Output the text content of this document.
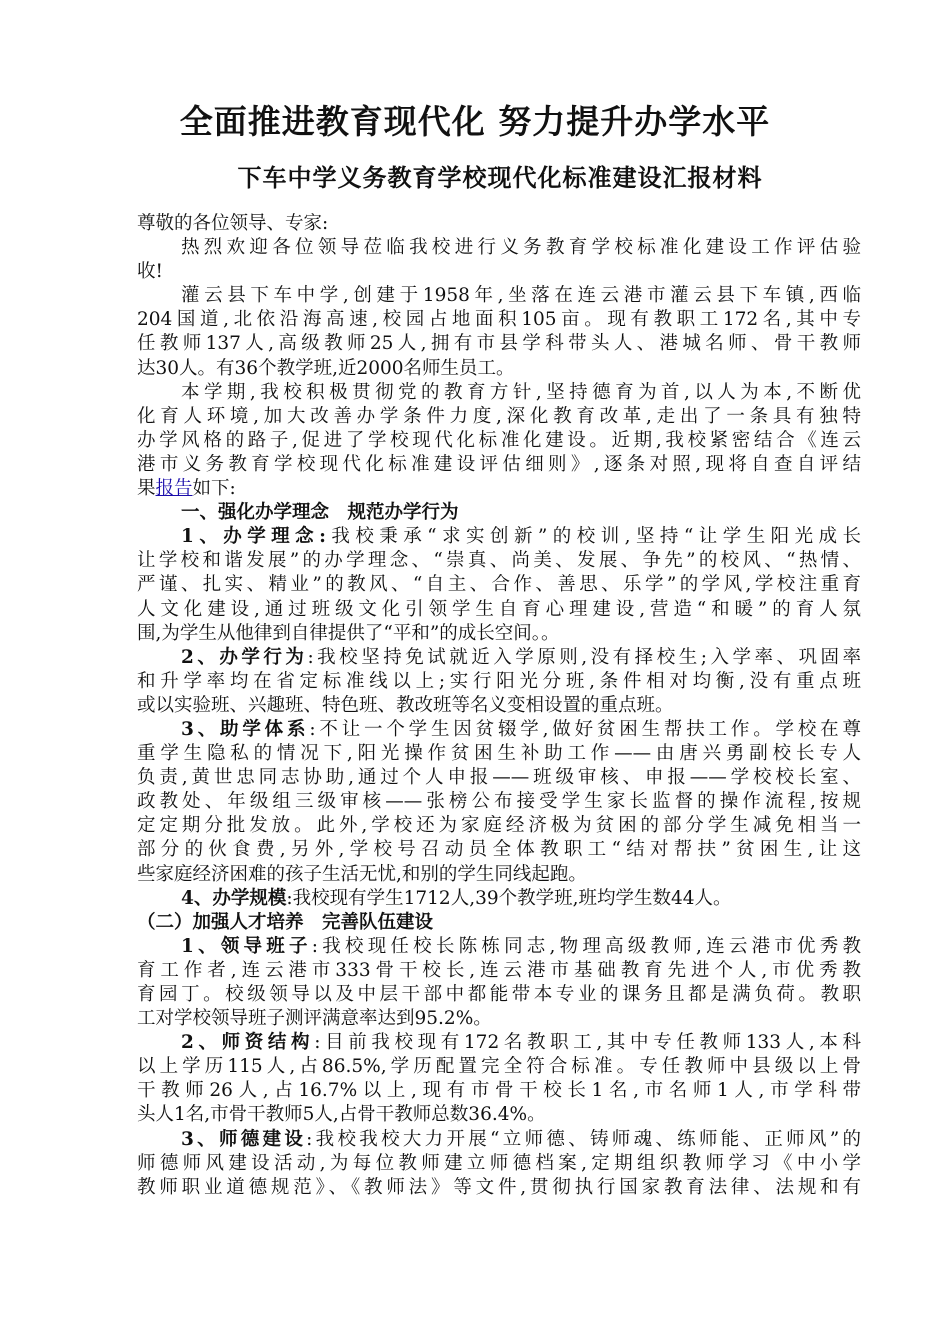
全面推进教育现代化 努力提升办学水平
下车中学义务教育学校现代化标准建设汇报材料
尊敬的各位领导、专家:
热烈欢迎各位领导莅临我校进行义务教育学校标准化建设工作评估验
收!
灌云县下车中学,创建于1958年,坐落在连云港市灌云县下车镇,西临
204国道,北依沿海高速,校园占地面积105亩。现有教职工172名,其中专
任教师137人,高级教师25人,拥有市县学科带头人、港城名师、骨干教师
达30人。有36个教学班,近2000名师生员工。
本学期,我校积极贯彻党的教育方针,坚持德育为首,以人为本,不断优
化育人环境,加大改善办学条件力度,深化教育改革,走出了一条具有独特
办学风格的路子,促进了学校现代化标准化建设。近期,我校紧密结合《连云
港市义务教育学校现代化标准建设评估细则》,逐条对照,现将自查自评结
果报告如下:
一、强化办学理念　规范办学行为
1、办学理念:我校秉承“求实创新”的校训,坚持“让学生阳光成长
让学校和谐发展”的办学理念、“崇真、尚美、发展、争先”的校风、“热情、
严谨、扎实、精业”的教风、“自主、合作、善思、乐学”的学风,学校注重育
人文化建设,通过班级文化引领学生自育心理建设,营造“和暖”的育人氛
围,为学生从他律到自律提供了“平和”的成长空间。。
2、办学行为:我校坚持免试就近入学原则,没有择校生;入学率、巩固率
和升学率均在省定标准线以上;实行阳光分班,条件相对均衡,没有重点班
或以实验班、兴趣班、特色班、教改班等名义变相设置的重点班。
3、助学体系:不让一个学生因贫辍学,做好贫困生帮扶工作。学校在尊
重学生隐私的情况下,阳光操作贫困生补助工作——由唐兴勇副校长专人
负责,黄世忠同志协助,通过个人申报——班级审核、申报——学校校长室、
政教处、年级组三级审核——张榜公布接受学生家长监督的操作流程,按规
定定期分批发放。此外,学校还为家庭经济极为贫困的部分学生减免相当一
部分的伙食费,另外,学校号召动员全体教职工“结对帮扶”贫困生,让这
些家庭经济困难的孩子生活无忧,和别的学生同线起跑。
4、办学规模:我校现有学生1712人,39个教学班,班均学生数44人。
（二）加强人才培养　完善队伍建设
1、领导班子:我校现任校长陈栋同志,物理高级教师,连云港市优秀教
育工作者,连云港市333骨干校长,连云港市基础教育先进个人,市优秀教
育园丁。校级领导以及中层干部中都能带本专业的课务且都是满负荷。教职
工对学校领导班子测评满意率达到95.2%。
2、师资结构:目前我校现有172名教职工,其中专任教师133人,本科
以上学历115人,占86.5%,学历配置完全符合标准。专任教师中县级以上骨
干教师26人,占16.7%以上,现有市骨干校长1名,市名师1人,市学科带
头人1名,市骨干教师5人,占骨干教师总数36.4%。
3、师德建设:我校我校大力开展“立师德、铸师魂、练师能、正师风”的
师德师风建设活动,为每位教师建立师德档案,定期组织教师学习《中小学
教师职业道德规范》、《教师法》等文件,贯彻执行国家教育法律、法规和有
